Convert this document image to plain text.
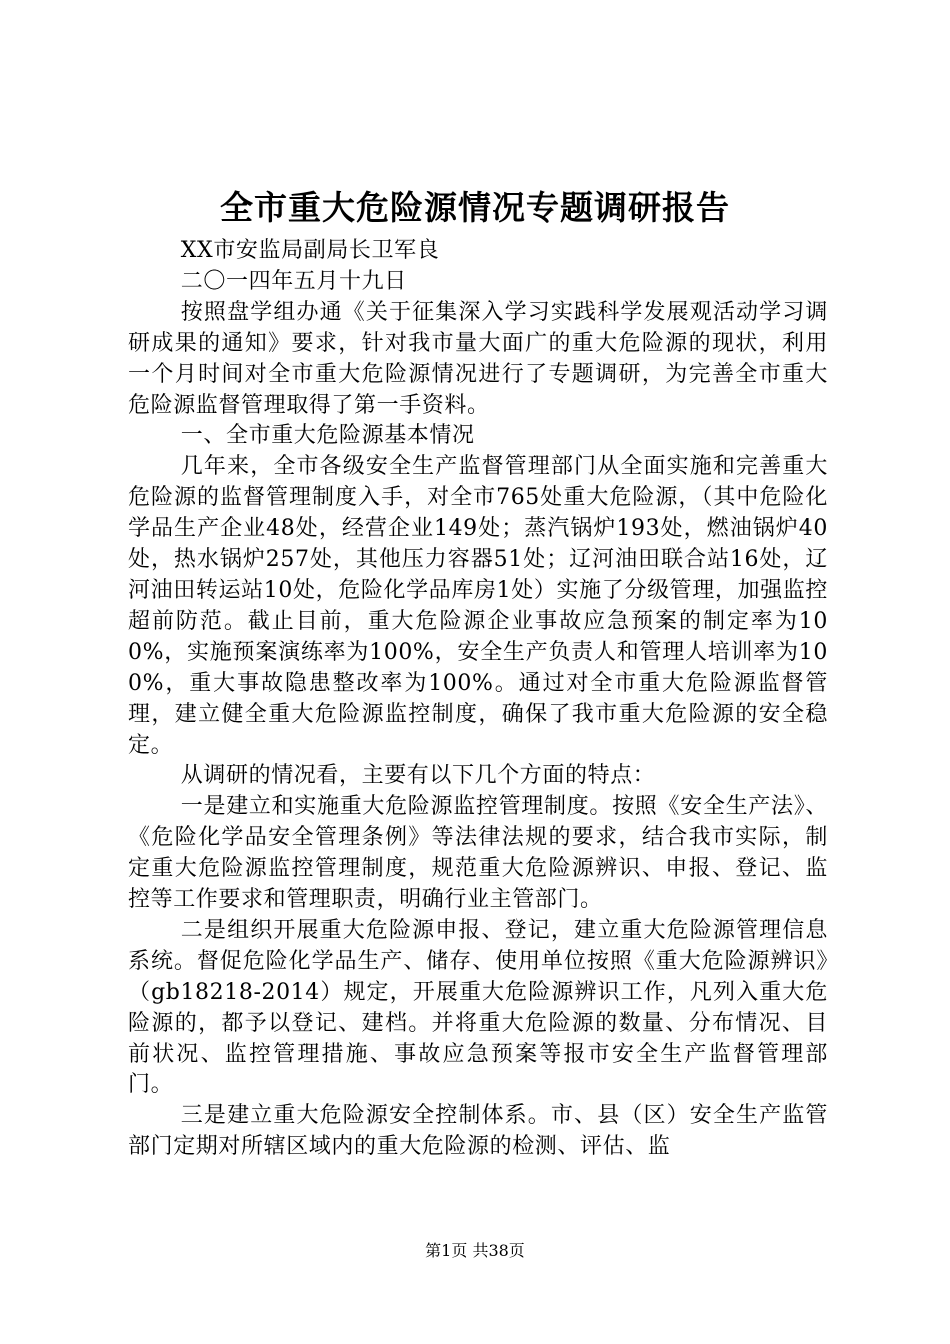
全市重大危险源情况专题调研报告

XX市安监局副局长卫军良

二〇一四年五月十九日

按照盘学组办通《关于征集深入学习实践科学发展观活动学习调研成果的通知》要求，针对我市量大面广的重大危险源的现状，利用一个月时间对全市重大危险源情况进行了专题调研，为完善全市重大危险源监督管理取得了第一手资料。

一、全市重大危险源基本情况

几年来，全市各级安全生产监督管理部门从全面实施和完善重大危险源的监督管理制度入手，对全市765处重大危险源，（其中危险化学品生产企业48处，经营企业149处；蒸汽锅炉193处，燃油锅炉40处，热水锅炉257处，其他压力容器51处；辽河油田联合站16处，辽河油田转运站10处，危险化学品库房1处）实施了分级管理，加强监控超前防范。截止目前，重大危险源企业事故应急预案的制定率为100%，实施预案演练率为100%，安全生产负责人和管理人培训率为100%，重大事故隐患整改率为100%。通过对全市重大危险源监督管理，建立健全重大危险源监控制度，确保了我市重大危险源的安全稳定。

从调研的情况看，主要有以下几个方面的特点：

一是建立和实施重大危险源监控管理制度。按照《安全生产法》、《危险化学品安全管理条例》等法律法规的要求，结合我市实际，制定重大危险源监控管理制度，规范重大危险源辨识、申报、登记、监控等工作要求和管理职责，明确行业主管部门。

二是组织开展重大危险源申报、登记，建立重大危险源管理信息系统。督促危险化学品生产、储存、使用单位按照《重大危险源辨识》（gb18218-2014）规定，开展重大危险源辨识工作，凡列入重大危险源的，都予以登记、建档。并将重大危险源的数量、分布情况、目前状况、监控管理措施、事故应急预案等报市安全生产监督管理部门。

三是建立重大危险源安全控制体系。市、县（区）安全生产监管部门定期对所辖区域内的重大危险源的检测、评估、监

第1页 共38页
